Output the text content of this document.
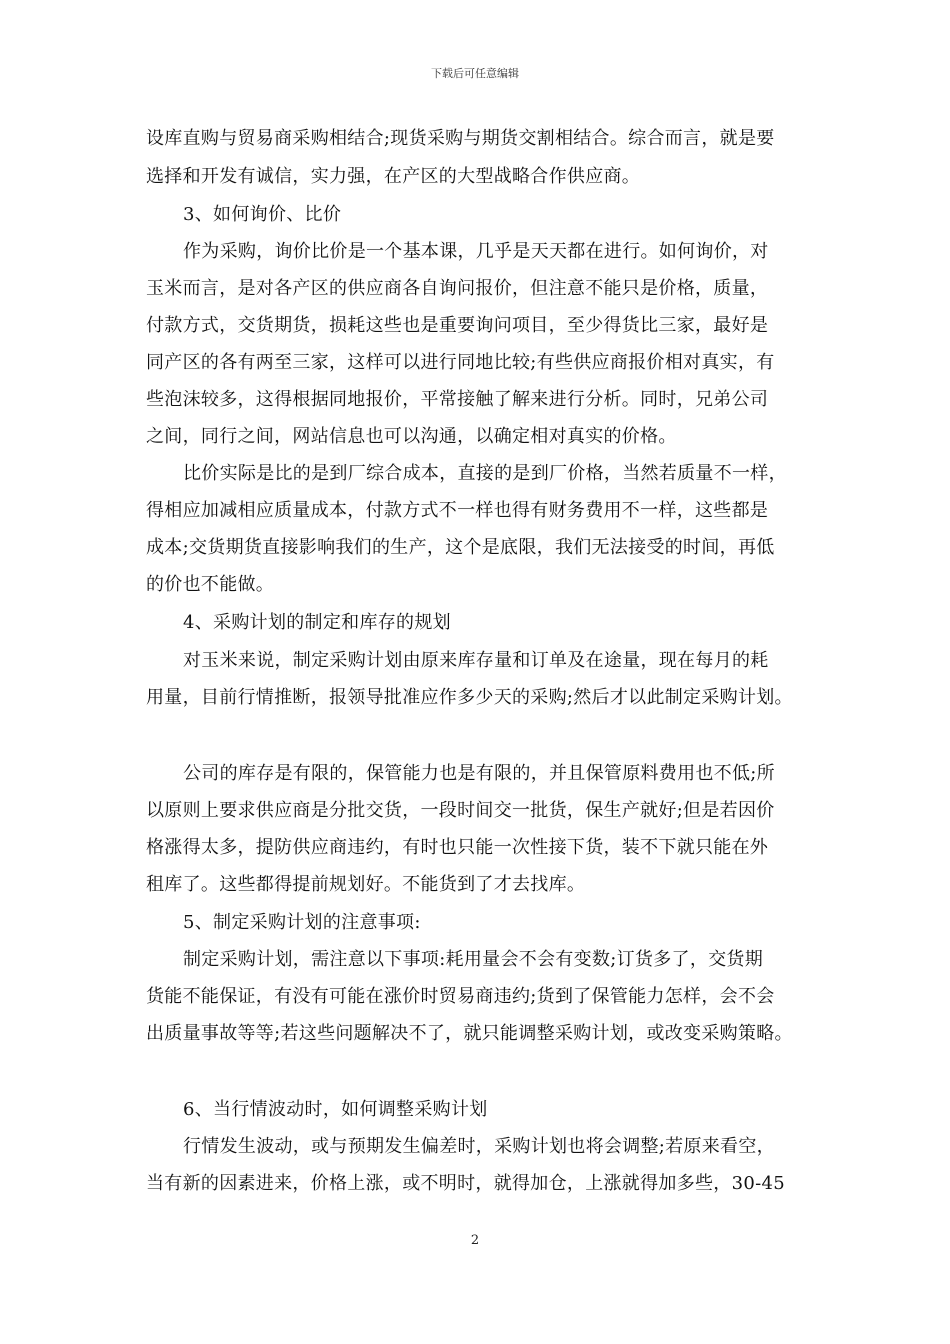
下载后可任意编辑
设库直购与贸易商采购相结合;现货采购与期货交割相结合。综合而言，就是要
选择和开发有诚信，实力强，在产区的大型战略合作供应商。
3、如何询价、比价
作为采购，询价比价是一个基本课，几乎是天天都在进行。如何询价，对
玉米而言，是对各产区的供应商各自询问报价，但注意不能只是价格，质量，
付款方式，交货期货，损耗这些也是重要询问项目，至少得货比三家，最好是
同产区的各有两至三家，这样可以进行同地比较;有些供应商报价相对真实，有
些泡沫较多，这得根据同地报价，平常接触了解来进行分析。同时，兄弟公司
之间，同行之间，网站信息也可以沟通，以确定相对真实的价格。
比价实际是比的是到厂综合成本，直接的是到厂价格，当然若质量不一样，
得相应加减相应质量成本，付款方式不一样也得有财务费用不一样，这些都是
成本;交货期货直接影响我们的生产，这个是底限，我们无法接受的时间，再低
的价也不能做。
4、采购计划的制定和库存的规划
对玉米来说，制定采购计划由原来库存量和订单及在途量，现在每月的耗
用量，目前行情推断，报领导批准应作多少天的采购;然后才以此制定采购计划。
公司的库存是有限的，保管能力也是有限的，并且保管原料费用也不低;所
以原则上要求供应商是分批交货，一段时间交一批货，保生产就好;但是若因价
格涨得太多，提防供应商违约，有时也只能一次性接下货，装不下就只能在外
租库了。这些都得提前规划好。不能货到了才去找库。
5、制定采购计划的注意事项:
制定采购计划，需注意以下事项:耗用量会不会有变数;订货多了，交货期
货能不能保证，有没有可能在涨价时贸易商违约;货到了保管能力怎样，会不会
出质量事故等等;若这些问题解决不了，就只能调整采购计划，或改变采购策略。
6、当行情波动时，如何调整采购计划
行情发生波动，或与预期发生偏差时，采购计划也将会调整;若原来看空，
当有新的因素进来，价格上涨，或不明时，就得加仓，上涨就得加多些，30-45
2
